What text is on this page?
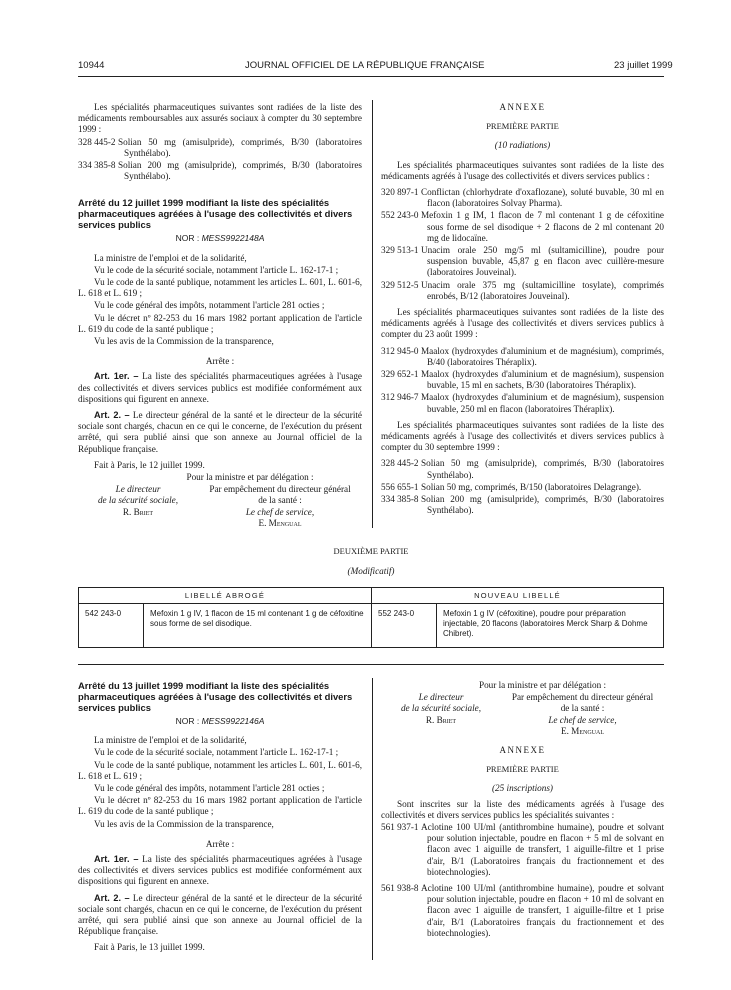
10944	JOURNAL OFFICIEL DE LA RÉPUBLIQUE FRANÇAISE	23 juillet 1999
Les spécialités pharmaceutiques suivantes sont radiées de la liste des médicaments remboursables aux assurés sociaux à compter du 30 septembre 1999 :
328 445-2 Solian 50 mg (amisulpride), comprimés, B/30 (laboratoires Synthélabo).
334 385-8 Solian 200 mg (amisulpride), comprimés, B/30 (laboratoires Synthélabo).
Arrêté du 12 juillet 1999 modifiant la liste des spécialités pharmaceutiques agréées à l'usage des collectivités et divers services publics
NOR : MESS9922148A
La ministre de l'emploi et de la solidarité,
Vu le code de la sécurité sociale, notamment l'article L. 162-17-1 ;
Vu le code de la santé publique, notamment les articles L. 601, L. 601-6, L. 618 et L. 619 ;
Vu le code général des impôts, notamment l'article 281 octies ;
Vu le décret nº 82-253 du 16 mars 1982 portant application de l'article L. 619 du code de la santé publique ;
Vu les avis de la Commission de la transparence,
Arrête :
Art. 1er. – La liste des spécialités pharmaceutiques agréées à l'usage des collectivités et divers services publics est modifiée conformément aux dispositions qui figurent en annexe.
Art. 2. – Le directeur général de la santé et le directeur de la sécurité sociale sont chargés, chacun en ce qui le concerne, de l'exécution du présent arrêté, qui sera publié ainsi que son annexe au Journal officiel de la République française.
Fait à Paris, le 12 juillet 1999.
Pour la ministre et par délégation :
Le directeur
de la sécurité sociale,
R. Briet
Par empêchement du directeur général
de la santé :
Le chef de service,
E. Mengual
ANNEXE
PREMIÈRE PARTIE
(10 radiations)
Les spécialités pharmaceutiques suivantes sont radiées de la liste des médicaments agréés à l'usage des collectivités et divers services publics :
320 897-1 Conflictan (chlorhydrate d'oxaflozane), soluté buvable, 30 ml en flacon (laboratoires Solvay Pharma).
552 243-0 Mefoxin 1 g IM, 1 flacon de 7 ml contenant 1 g de céfoxitine sous forme de sel disodique + 2 flacons de 2 ml contenant 20 mg de lidocaïne.
329 513-1 Unacim orale 250 mg/5 ml (sultamicilline), poudre pour suspension buvable, 45,87 g en flacon avec cuillère-mesure (laboratoires Jouveinal).
329 512-5 Unacim orale 375 mg (sultamicilline tosylate), comprimés enrobés, B/12 (laboratoires Jouveinal).
Les spécialités pharmaceutiques suivantes sont radiées de la liste des médicaments agréés à l'usage des collectivités et divers services publics à compter du 23 août 1999 :
312 945-0 Maalox (hydroxydes d'aluminium et de magnésium), comprimés, B/40 (laboratoires Théraplix).
329 652-1 Maalox (hydroxydes d'aluminium et de magnésium), suspension buvable, 15 ml en sachets, B/30 (laboratoires Théraplix).
312 946-7 Maalox (hydroxydes d'aluminium et de magnésium), suspension buvable, 250 ml en flacon (laboratoires Théraplix).
Les spécialités pharmaceutiques suivantes sont radiées de la liste des médicaments agréés à l'usage des collectivités et divers services publics à compter du 30 septembre 1999 :
328 445-2 Solian 50 mg (amisulpride), comprimés, B/30 (laboratoires Synthélabo).
556 655-1 Solian 50 mg, comprimés, B/150 (laboratoires Delagrange).
334 385-8 Solian 200 mg (amisulpride), comprimés, B/30 (laboratoires Synthélabo).
DEUXIÈME PARTIE
(Modificatif)
LIBELLÉ ABROGÉ		NOUVEAU LIBELLÉ	
542 243-0	Mefoxin 1 g IV, 1 flacon de 15 ml contenant 1 g de céfoxitine sous forme de sel disodique.	552 243-0	Mefoxin 1 g IV (céfoxitine), poudre pour préparation injectable, 20 flacons (laboratoires Merck Sharp & Dohme Chibret).
Arrêté du 13 juillet 1999 modifiant la liste des spécialités pharmaceutiques agréées à l'usage des collectivités et divers services publics
NOR : MESS9922146A
La ministre de l'emploi et de la solidarité,
Vu le code de la sécurité sociale, notamment l'article L. 162-17-1 ;
Vu le code de la santé publique, notamment les articles L. 601, L. 601-6, L. 618 et L. 619 ;
Vu le code général des impôts, notamment l'article 281 octies ;
Vu le décret nº 82-253 du 16 mars 1982 portant application de l'article L. 619 du code de la santé publique ;
Vu les avis de la Commission de la transparence,
Arrête :
Art. 1er. – La liste des spécialités pharmaceutiques agréées à l'usage des collectivités et divers services publics est modifiée conformément aux dispositions qui figurent en annexe.
Art. 2. – Le directeur général de la santé et le directeur de la sécurité sociale sont chargés, chacun en ce qui le concerne, de l'exécution du présent arrêté, qui sera publié ainsi que son annexe au Journal officiel de la République française.
Fait à Paris, le 13 juillet 1999.
Pour la ministre et par délégation :
Le directeur
de la sécurité sociale,
R. Briet
Par empêchement du directeur général
de la santé :
Le chef de service,
E. Mengual
ANNEXE
PREMIÈRE PARTIE
(25 inscriptions)
Sont inscrites sur la liste des médicaments agréés à l'usage des collectivités et divers services publics les spécialités suivantes :
561 937-1 Aclotine 100 UI/ml (antithrombine humaine), poudre et solvant pour solution injectable, poudre en flacon + 5 ml de solvant en flacon avec 1 aiguille de transfert, 1 aiguille-filtre et 1 prise d'air, B/1 (Laboratoires français du fractionnement et des biotechnologies).
561 938-8 Aclotine 100 UI/ml (antithrombine humaine), poudre et solvant pour solution injectable, poudre en flacon + 10 ml de solvant en flacon avec 1 aiguille de transfert, 1 aiguille-filtre et 1 prise d'air, B/1 (Laboratoires français du fractionnement et des biotechnologies).
